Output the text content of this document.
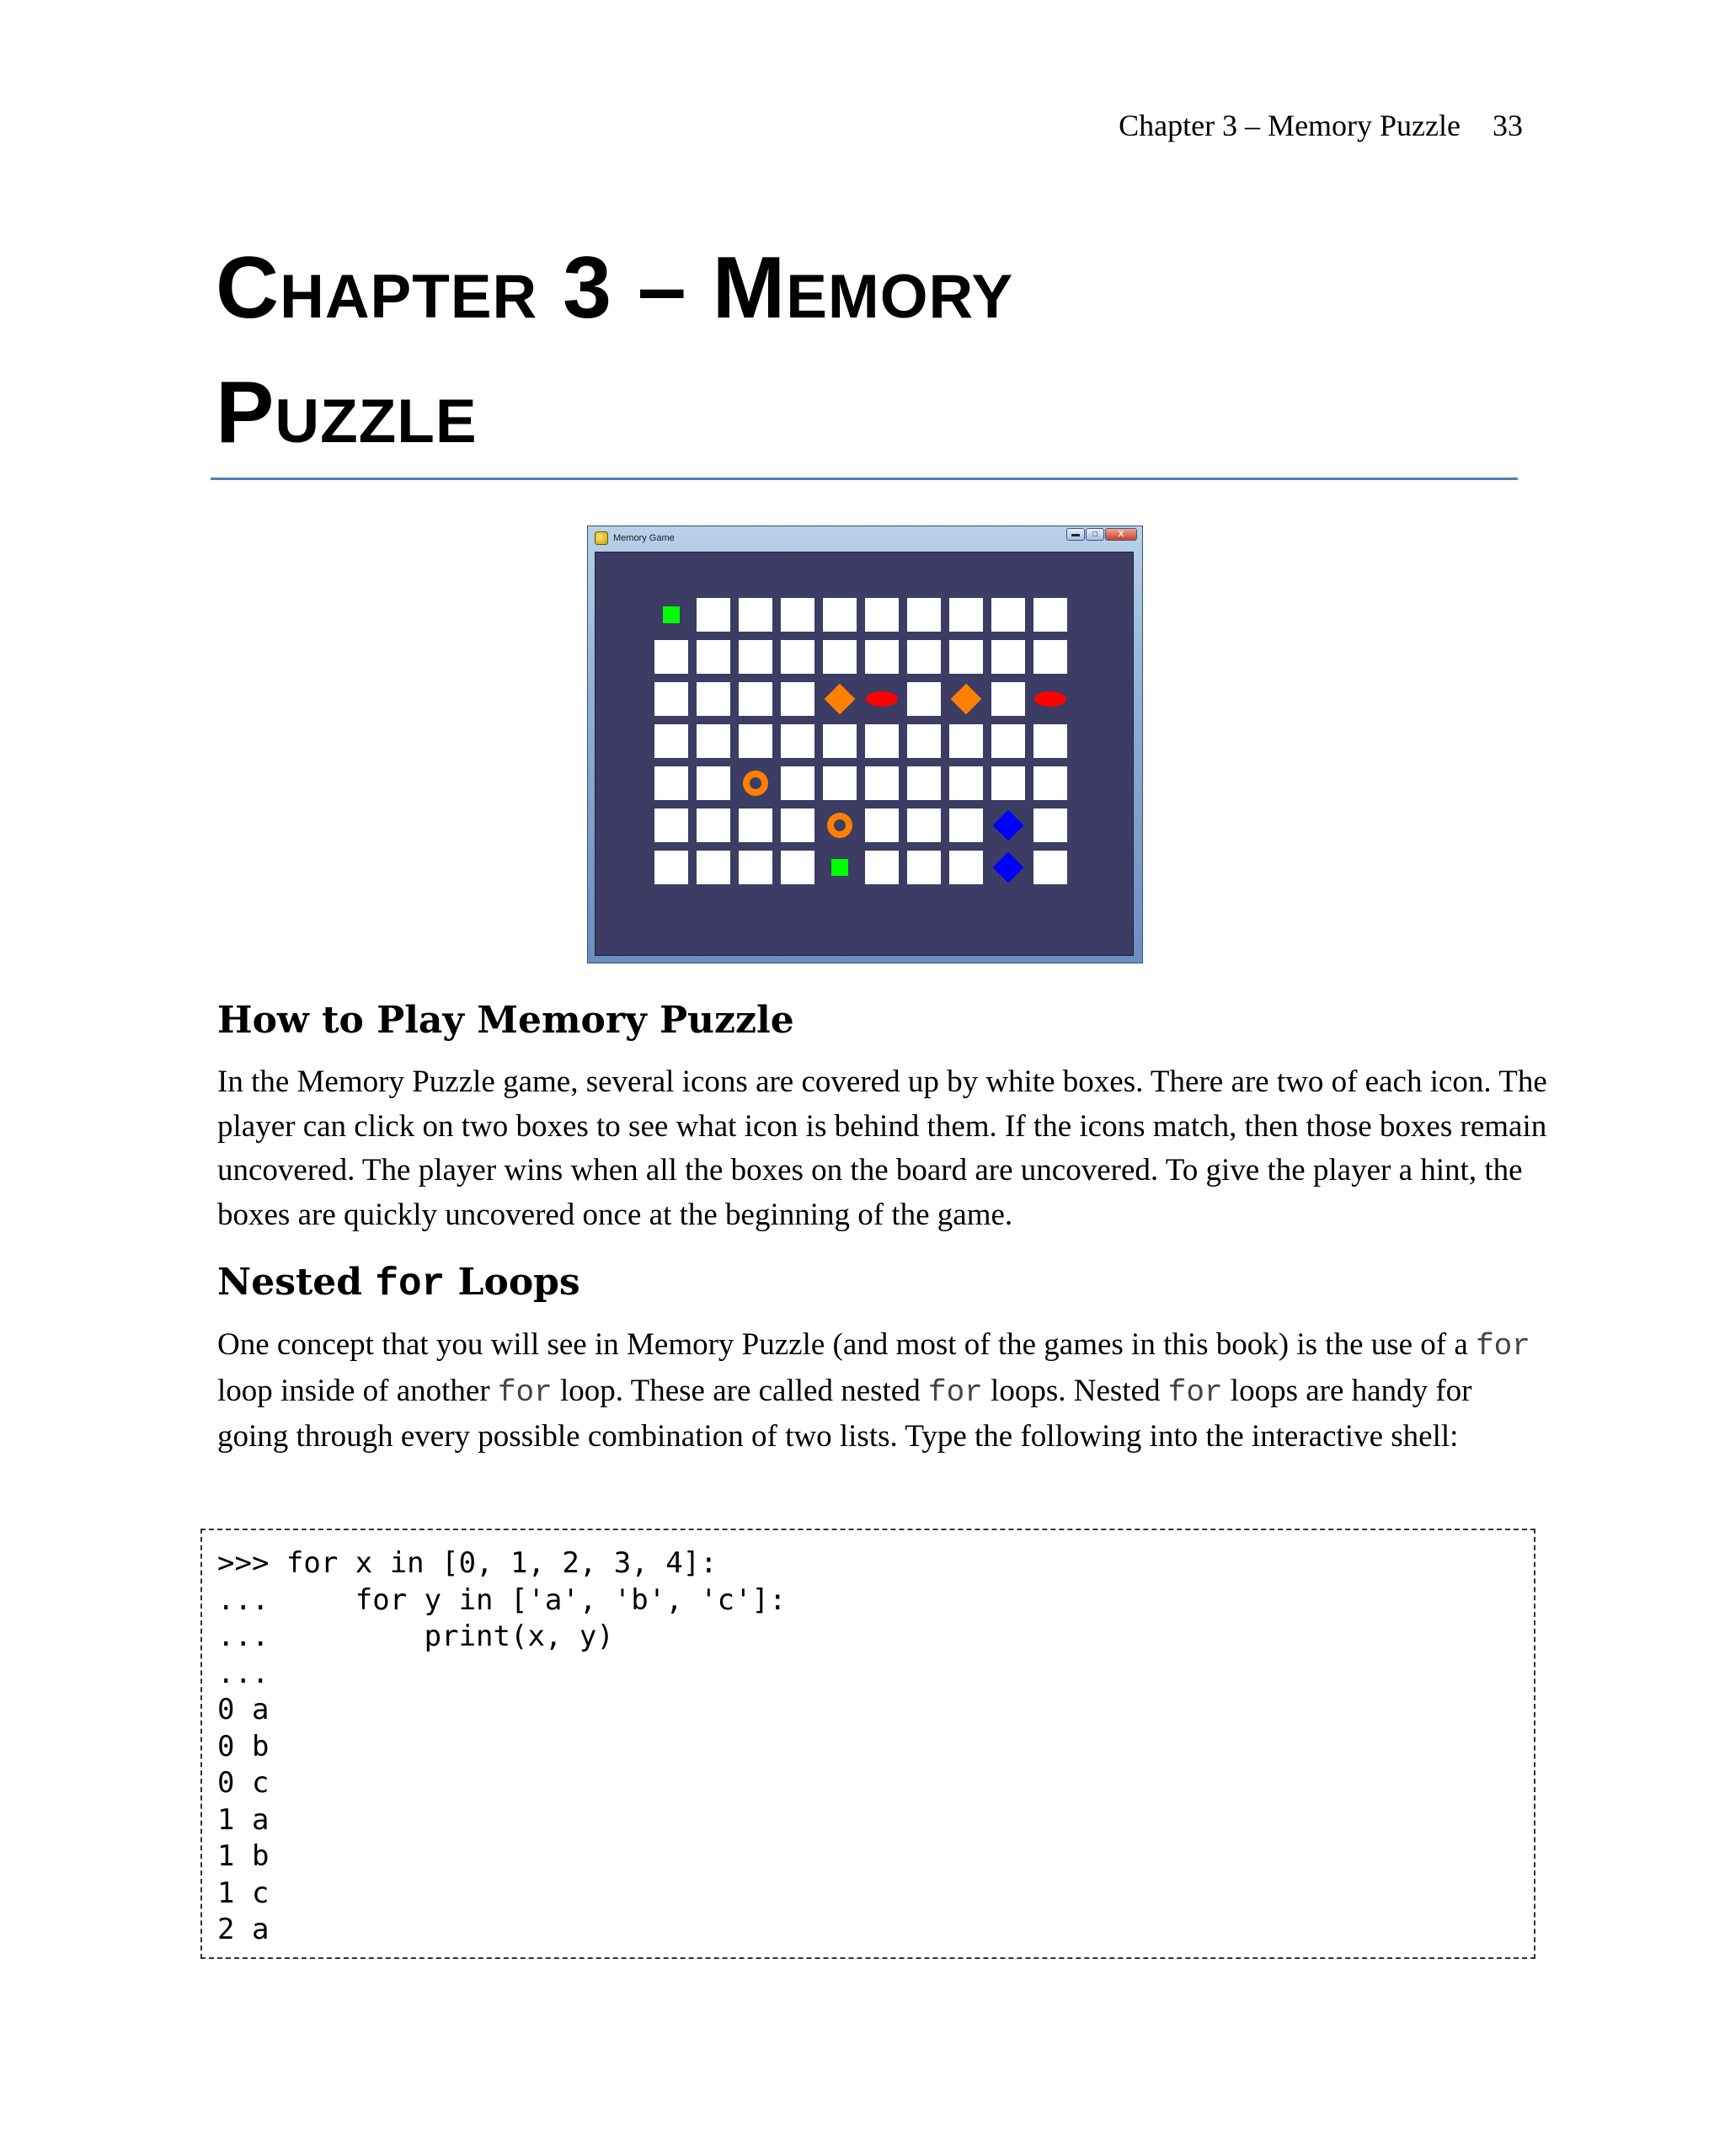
Chapter 3 – Memory Puzzle 33
Chapter 3 – Memory
Puzzle
Memory Game	▬	□	X
How to Play Memory Puzzle

In the Memory Puzzle game, several icons are covered up by white boxes. There are two of each icon. The player can click on two boxes to see what icon is behind them. If the icons match, then those boxes remain uncovered. The player wins when all the boxes on the board are uncovered. To give the player a hint, the boxes are quickly uncovered once at the beginning of the game.

Nested for Loops

One concept that you will see in Memory Puzzle (and most of the games in this book) is the use of a for loop inside of another for loop. These are called nested for loops. Nested for loops are handy for going through every possible combination of two lists. Type the following into the interactive shell:

>>> for x in [0, 1, 2, 3, 4]:
...     for y in ['a', 'b', 'c']:
...         print(x, y)
...
0 a
0 b
0 c
1 a
1 b
1 c
2 a
